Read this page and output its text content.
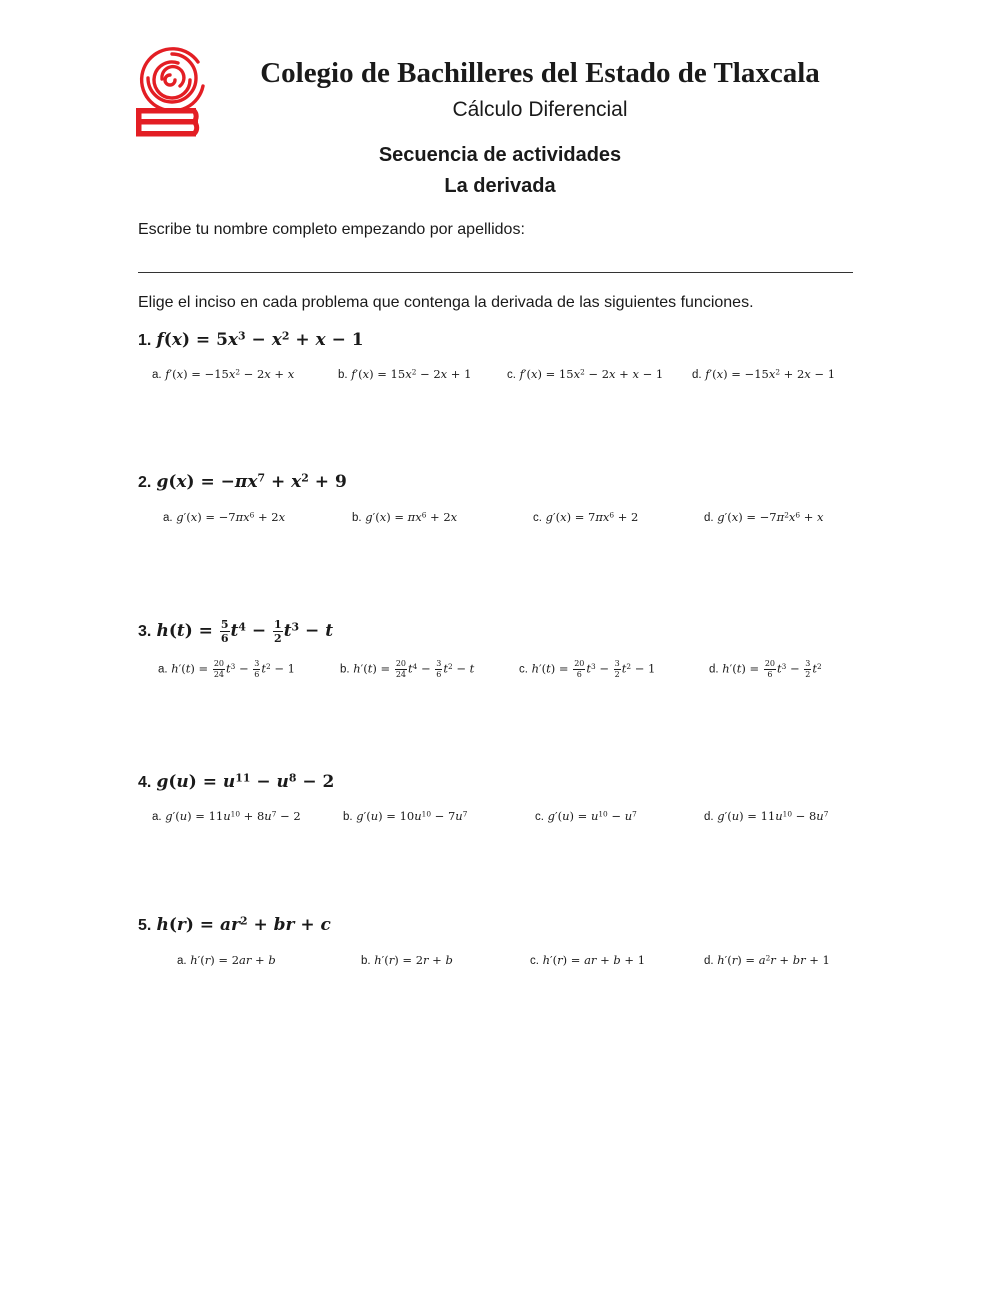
Colegio de Bachilleres del Estado de Tlaxcala
Cálculo Diferencial
Secuencia de actividades
La derivada
Escribe tu nombre completo empezando por apellidos:
Elige el inciso en cada problema que contenga la derivada de las siguientes funciones.
1. $f(x) = 5x^3 - x^2 + x - 1$
a. $f'(x) = -15x^2 - 2x + x$	b. $f'(x) = 15x^2 - 2x + 1$	c. $f'(x) = 15x^2 - 2x + x - 1$	d. $f'(x) = -15x^2 + 2x - 1$
2. $g(x) = -\pi x^7 + x^2 + 9$
a. $g'(x) = -7\pi x^6 + 2x$	b. $g'(x) = \pi x^6 + 2x$	c. $g'(x) = 7\pi x^6 + 2$	d. $g'(x) = -7\pi^2x^6 + x$
3. $h(t) = \frac{5}{6} t^4 - \frac{1}{2} t^3 - t$
a. $h'(t) = \frac{20}{24} t^3 - \frac{3}{6} t^2 - 1$	b. $h'(t) = \frac{20}{24} t^4 - \frac{3}{6} t^2 - t$	c. $h'(t) = \frac{20}{6} t^3 - \frac{3}{2} t^2 - 1$	d. $h'(t) = \frac{20}{6} t^3 - \frac{3}{2} t^2$
4. $g(u) = u^{11} - u^8 - 2$
a. $g'(u) = 11u^{10} + 8u^7 - 2$	b. $g'(u) = 10u^{10} - 7u^7$	c. $g'(u) = u^{10} - u^7$	d. $g'(u) = 11u^{10} - 8u^7$
5. $h(r) = ar^2$ + br + c
a. h′(r) = 2ar + b	b. h′(r) = 2r + b	c. h′(r) = ar + b + 1	d. $h'(r) = a^2r$ + br + 1
